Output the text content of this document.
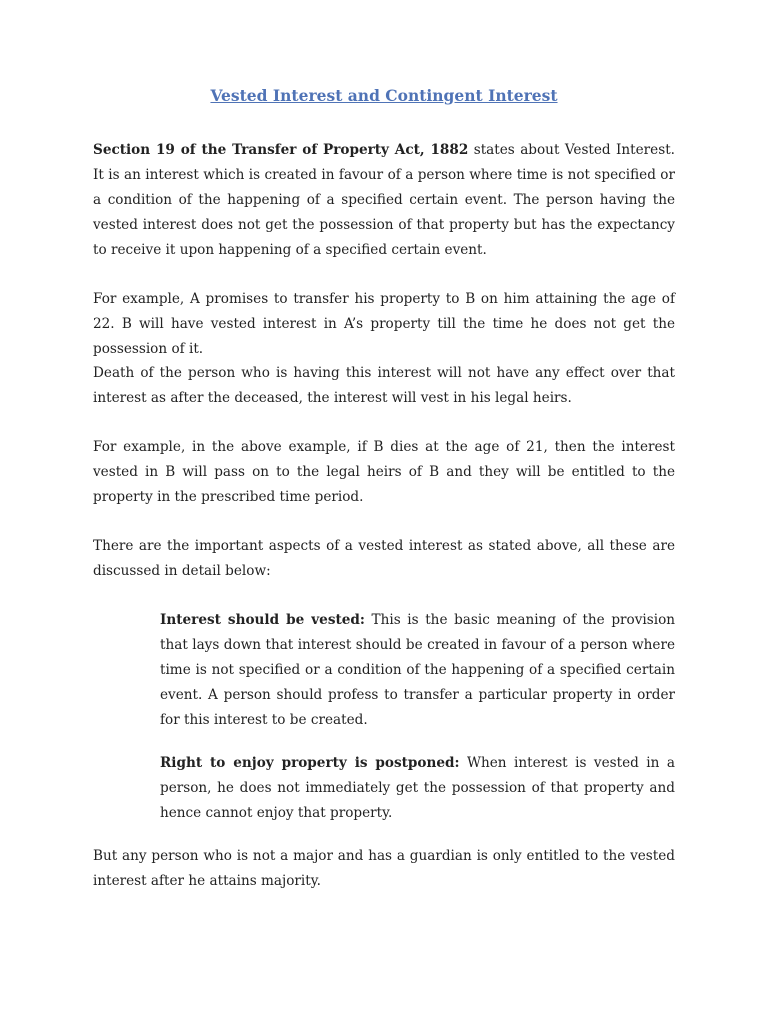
Vested Interest and Contingent Interest

Section 19 of the Transfer of Property Act, 1882 states about Vested Interest. It is an interest which is created in favour of a person where time is not specified or a condition of the happening of a specified certain event. The person having the vested interest does not get the possession of that property but has the expectancy to receive it upon happening of a specified certain event.

For example, A promises to transfer his property to B on him attaining the age of 22. B will have vested interest in A’s property till the time he does not get the possession of it.

Death of the person who is having this interest will not have any effect over that interest as after the deceased, the interest will vest in his legal heirs.

For example, in the above example, if B dies at the age of 21, then the interest vested in B will pass on to the legal heirs of B and they will be entitled to the property in the prescribed time period.

There are the important aspects of a vested interest as stated above, all these are discussed in detail below:

Interest should be vested: This is the basic meaning of the provision that lays down that interest should be created in favour of a person where time is not specified or a condition of the happening of a specified certain event. A person should profess to transfer a particular property in order for this interest to be created.

Right to enjoy property is postponed: When interest is vested in a person, he does not immediately get the possession of that property and hence cannot enjoy that property.

But any person who is not a major and has a guardian is only entitled to the vested interest after he attains majority.
